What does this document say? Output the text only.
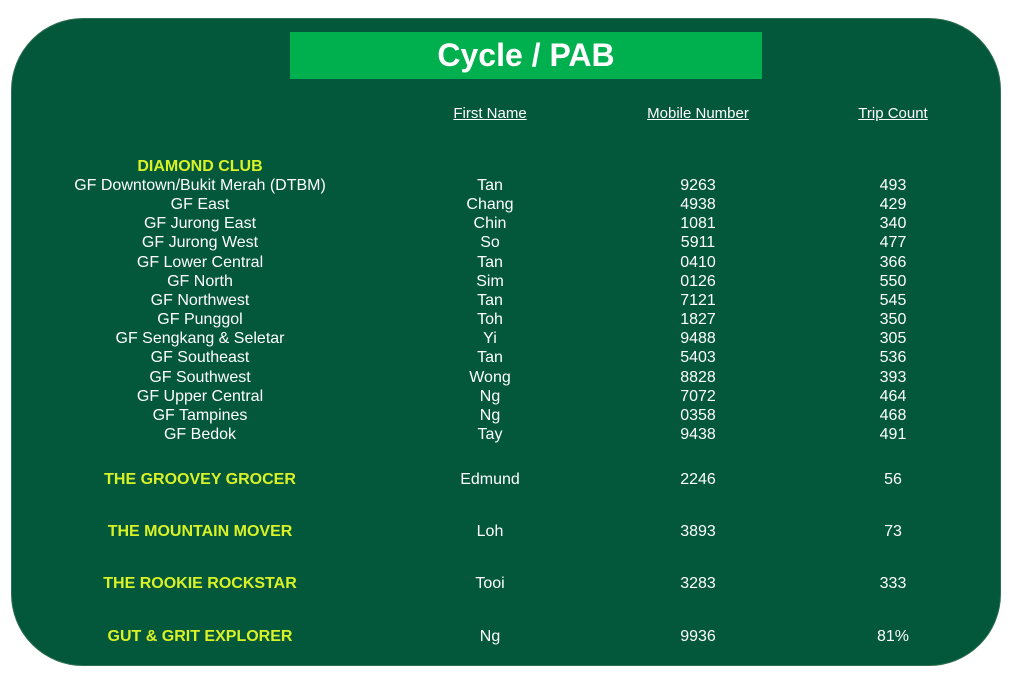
Cycle / PAB
First Name	Mobile Number	Trip Count
DIAMOND CLUB
GF Downtown/Bukit Merah (DTBM)	Tan	9263	493
GF East	Chang	4938	429
GF Jurong East	Chin	1081	340
GF Jurong West	So	5911	477
GF Lower Central	Tan	0410	366
GF North	Sim	0126	550
GF Northwest	Tan	7121	545
GF Punggol	Toh	1827	350
GF Sengkang & Seletar	Yi	9488	305
GF Southeast	Tan	5403	536
GF Southwest	Wong	8828	393
GF Upper Central	Ng	7072	464
GF Tampines	Ng	0358	468
GF Bedok	Tay	9438	491
THE GROOVEY GROCER	Edmund	2246	56
THE MOUNTAIN MOVER	Loh	3893	73
THE ROOKIE ROCKSTAR	Tooi	3283	333
GUT & GRIT EXPLORER	Ng	9936	81%
